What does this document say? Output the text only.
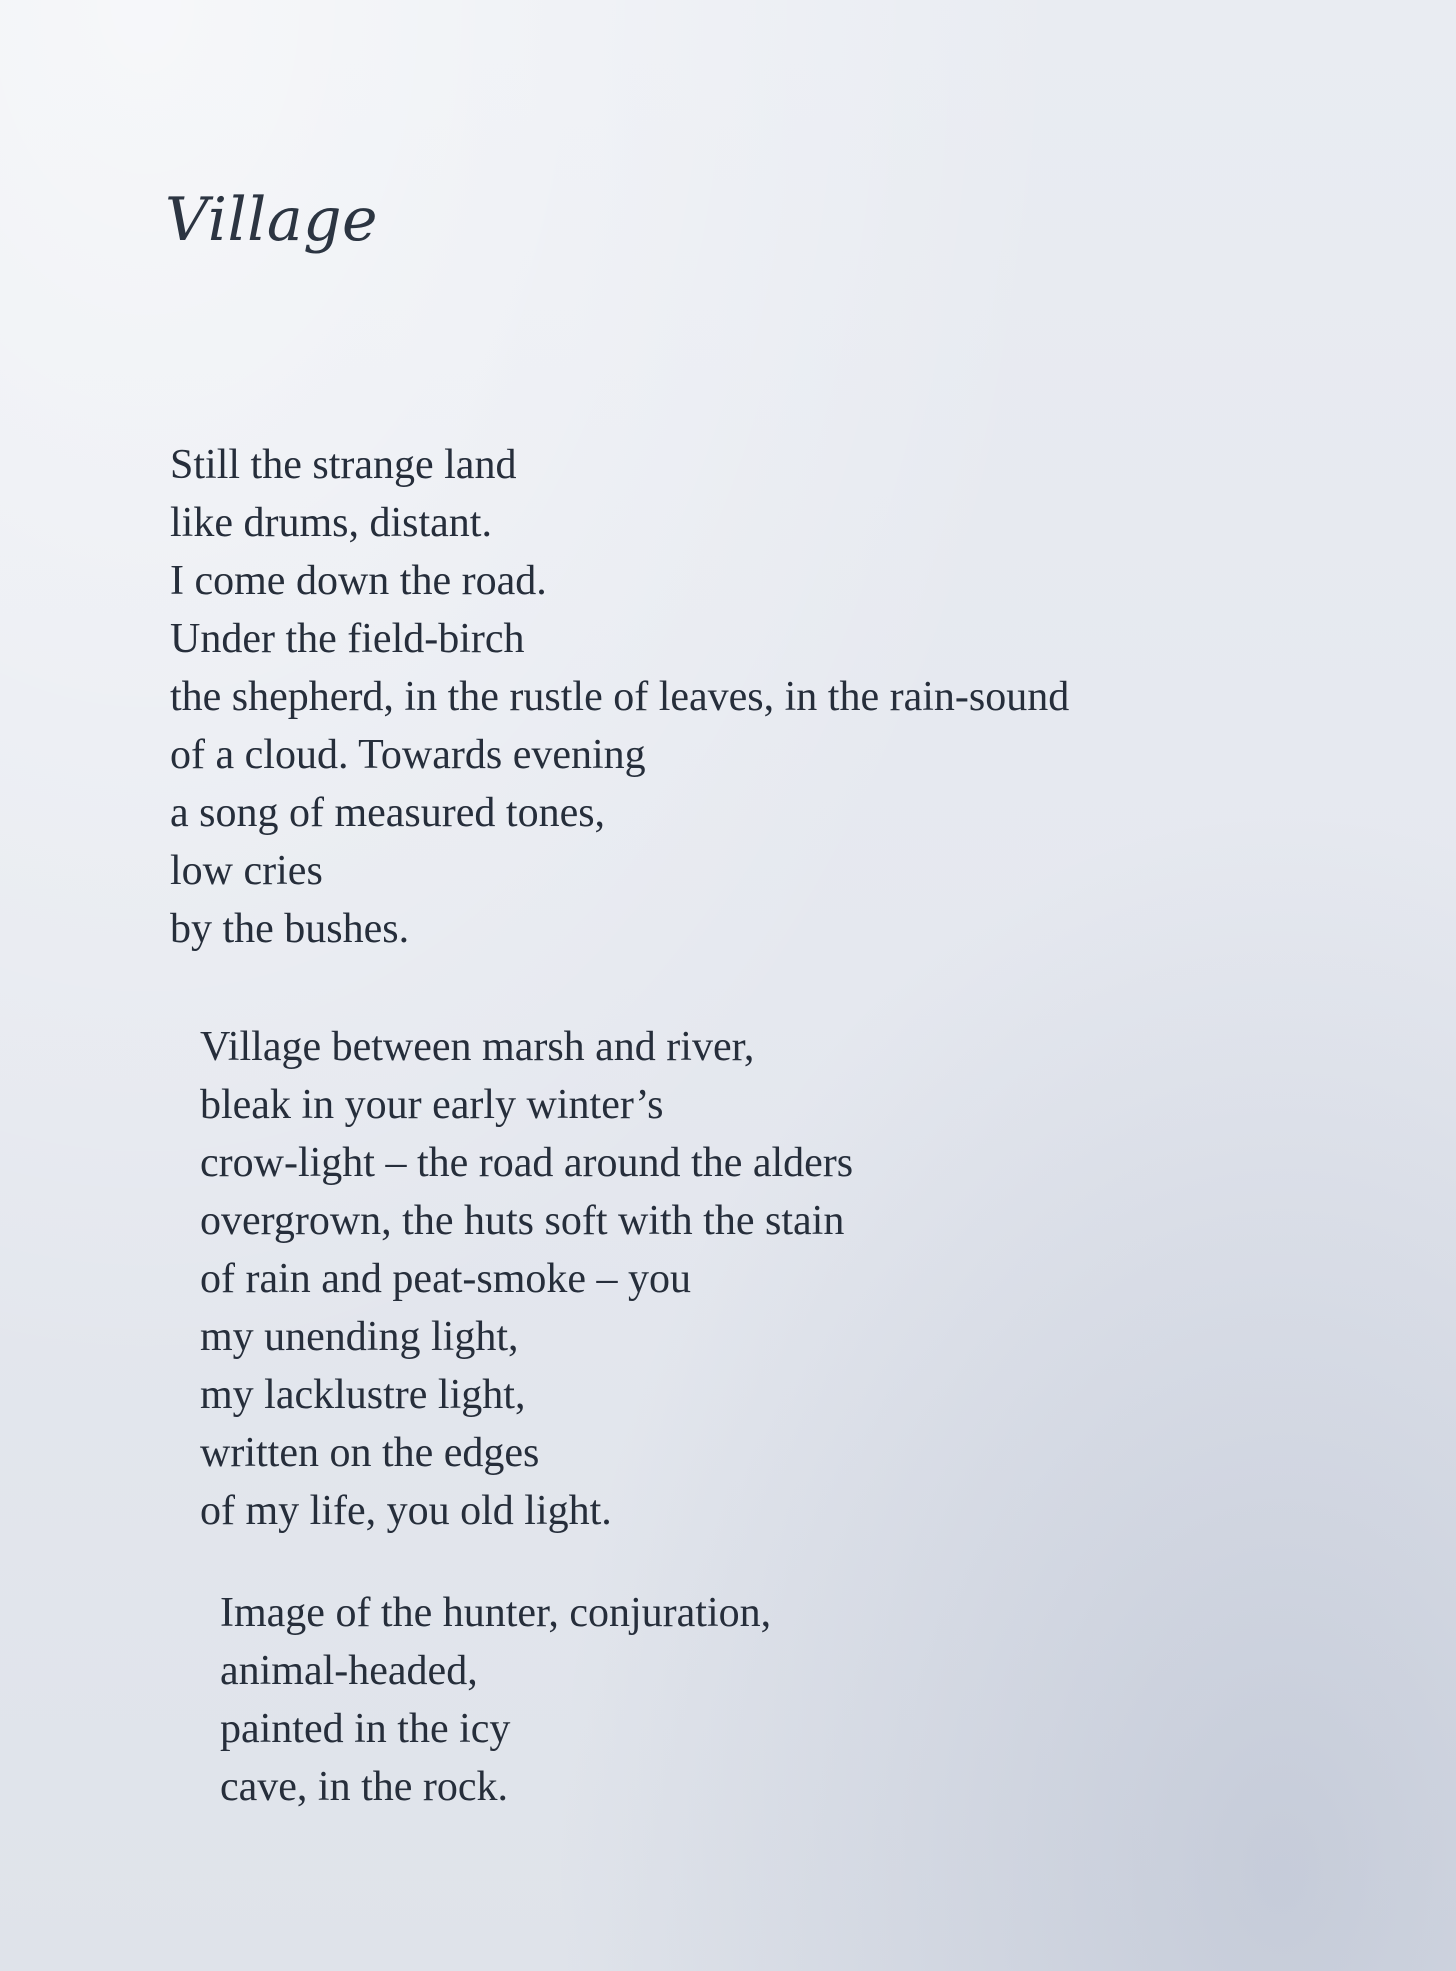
Village
Still the strange land
like drums, distant.
I come down the road.
Under the field-birch
the shepherd, in the rustle of leaves, in the rain-sound
of a cloud. Towards evening
a song of measured tones,
low cries
by the bushes.
Village between marsh and river,
bleak in your early winter’s
crow-light – the road around the alders
overgrown, the huts soft with the stain
of rain and peat-smoke – you
my unending light,
my lacklustre light,
written on the edges
of my life, you old light.
Image of the hunter, conjuration,
animal-headed,
painted in the icy
cave, in the rock.
